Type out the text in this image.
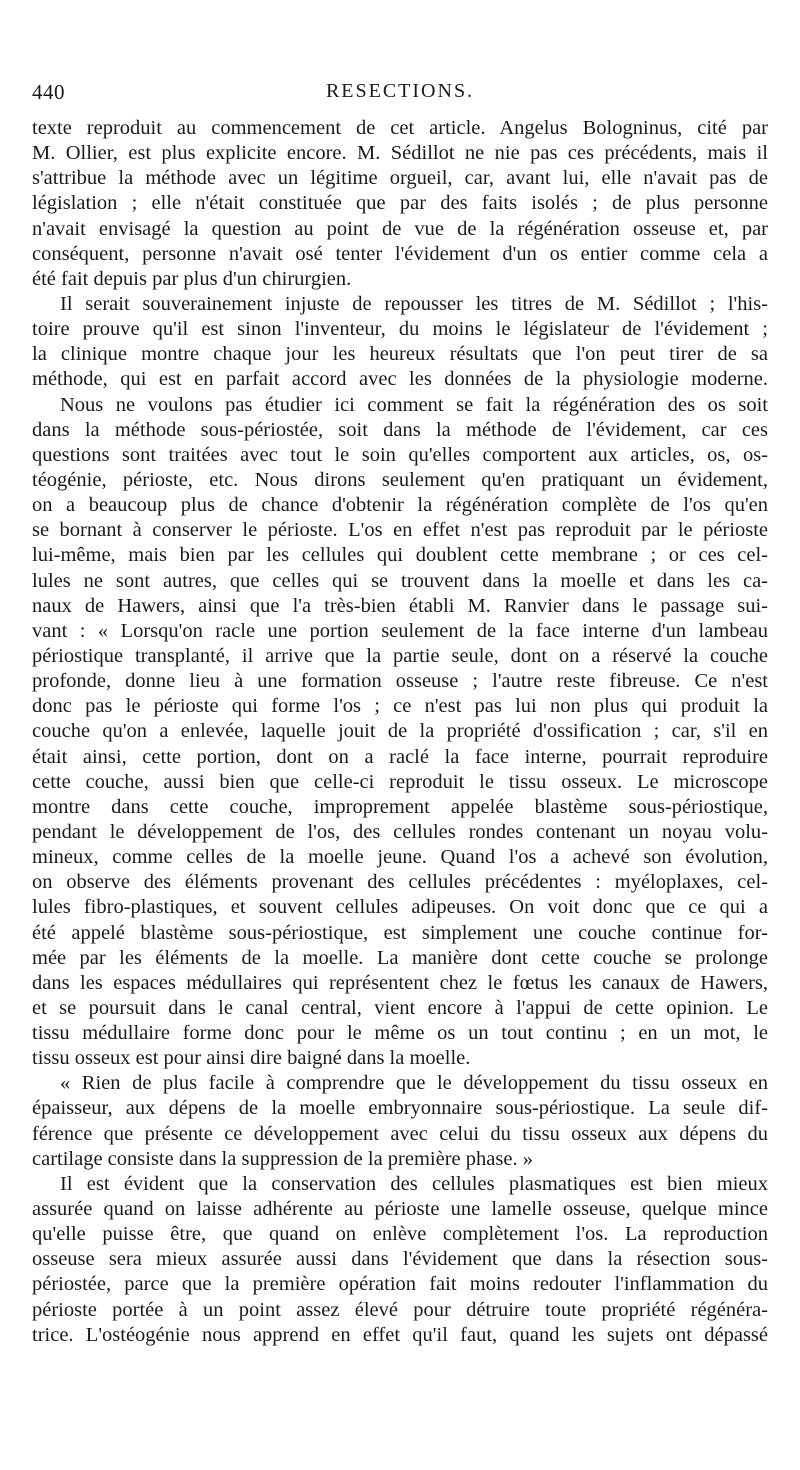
440	RESECTIONS.
texte reproduit au commencement de cet article. Angelus Bologninus, cité par
M. Ollier, est plus explicite encore. M. Sédillot ne nie pas ces précédents, mais il
s'attribue la méthode avec un légitime orgueil, car, avant lui, elle n'avait pas de
législation ; elle n'était constituée que par des faits isolés ; de plus personne
n'avait envisagé la question au point de vue de la régénération osseuse et, par
conséquent, personne n'avait osé tenter l'évidement d'un os entier comme cela a
été fait depuis par plus d'un chirurgien.
Il serait souverainement injuste de repousser les titres de M. Sédillot ; l'his-
toire prouve qu'il est sinon l'inventeur, du moins le législateur de l'évidement ;
la clinique montre chaque jour les heureux résultats que l'on peut tirer de sa
méthode, qui est en parfait accord avec les données de la physiologie moderne.
Nous ne voulons pas étudier ici comment se fait la régénération des os soit
dans la méthode sous-périostée, soit dans la méthode de l'évidement, car ces
questions sont traitées avec tout le soin qu'elles comportent aux articles, os, os-
téogénie, périoste, etc. Nous dirons seulement qu'en pratiquant un évidement,
on a beaucoup plus de chance d'obtenir la régénération complète de l'os qu'en
se bornant à conserver le périoste. L'os en effet n'est pas reproduit par le périoste
lui-même, mais bien par les cellules qui doublent cette membrane ; or ces cel-
lules ne sont autres, que celles qui se trouvent dans la moelle et dans les ca-
naux de Hawers, ainsi que l'a très-bien établi M. Ranvier dans le passage sui-
vant : « Lorsqu'on racle une portion seulement de la face interne d'un lambeau
périostique transplanté, il arrive que la partie seule, dont on a réservé la couche
profonde, donne lieu à une formation osseuse ; l'autre reste fibreuse. Ce n'est
donc pas le périoste qui forme l'os ; ce n'est pas lui non plus qui produit la
couche qu'on a enlevée, laquelle jouit de la propriété d'ossification ; car, s'il en
était ainsi, cette portion, dont on a raclé la face interne, pourrait reproduire
cette couche, aussi bien que celle-ci reproduit le tissu osseux. Le microscope
montre dans cette couche, improprement appelée blastème sous-périostique,
pendant le développement de l'os, des cellules rondes contenant un noyau volu-
mineux, comme celles de la moelle jeune. Quand l'os a achevé son évolution,
on observe des éléments provenant des cellules précédentes : myéloplaxes, cel-
lules fibro-plastiques, et souvent cellules adipeuses. On voit donc que ce qui a
été appelé blastème sous-périostique, est simplement une couche continue for-
mée par les éléments de la moelle. La manière dont cette couche se prolonge
dans les espaces médullaires qui représentent chez le fœtus les canaux de Hawers,
et se poursuit dans le canal central, vient encore à l'appui de cette opinion. Le
tissu médullaire forme donc pour le même os un tout continu ; en un mot, le
tissu osseux est pour ainsi dire baigné dans la moelle.
« Rien de plus facile à comprendre que le développement du tissu osseux en
épaisseur, aux dépens de la moelle embryonnaire sous-périostique. La seule dif-
férence que présente ce développement avec celui du tissu osseux aux dépens du
cartilage consiste dans la suppression de la première phase. »
Il est évident que la conservation des cellules plasmatiques est bien mieux
assurée quand on laisse adhérente au périoste une lamelle osseuse, quelque mince
qu'elle puisse être, que quand on enlève complètement l'os. La reproduction
osseuse sera mieux assurée aussi dans l'évidement que dans la résection sous-
périostée, parce que la première opération fait moins redouter l'inflammation du
périoste portée à un point assez élevé pour détruire toute propriété régénéra-
trice. L'ostéogénie nous apprend en effet qu'il faut, quand les sujets ont dépassé
